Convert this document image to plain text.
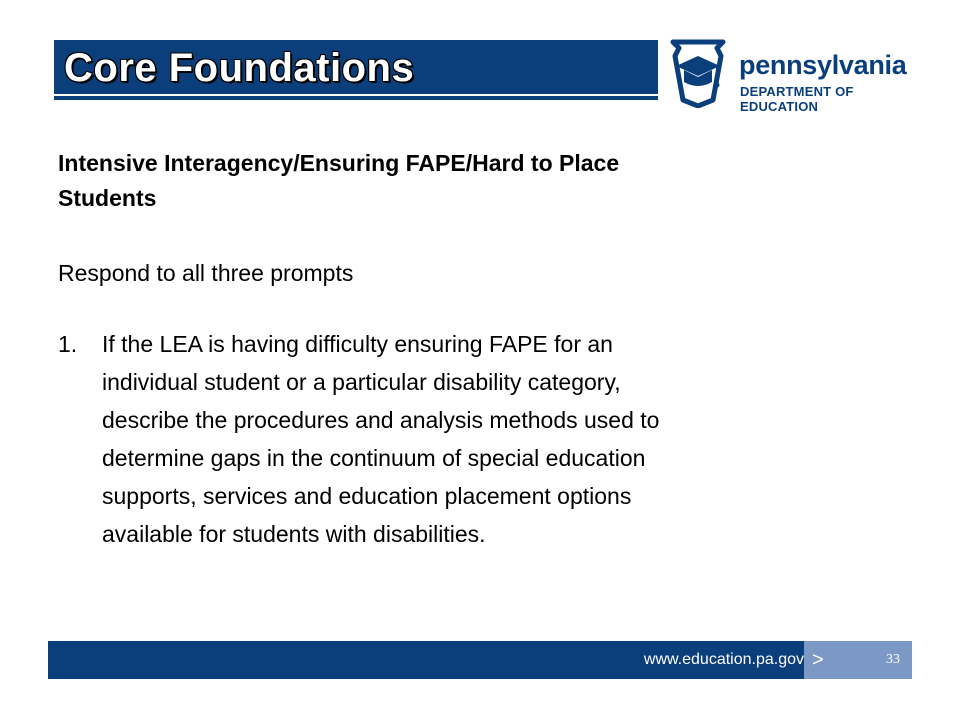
Core Foundations	pennsylvania
DEPARTMENT OF EDUCATION

Intensive Interagency/Ensuring FAPE/Hard to Place
Students

Respond to all three prompts

1. If the LEA is having difficulty ensuring FAPE for an
individual student or a particular disability category,
describe the procedures and analysis methods used to
determine gaps in the continuum of special education
supports, services and education placement options
available for students with disabilities.
www.education.pa.gov >	33
